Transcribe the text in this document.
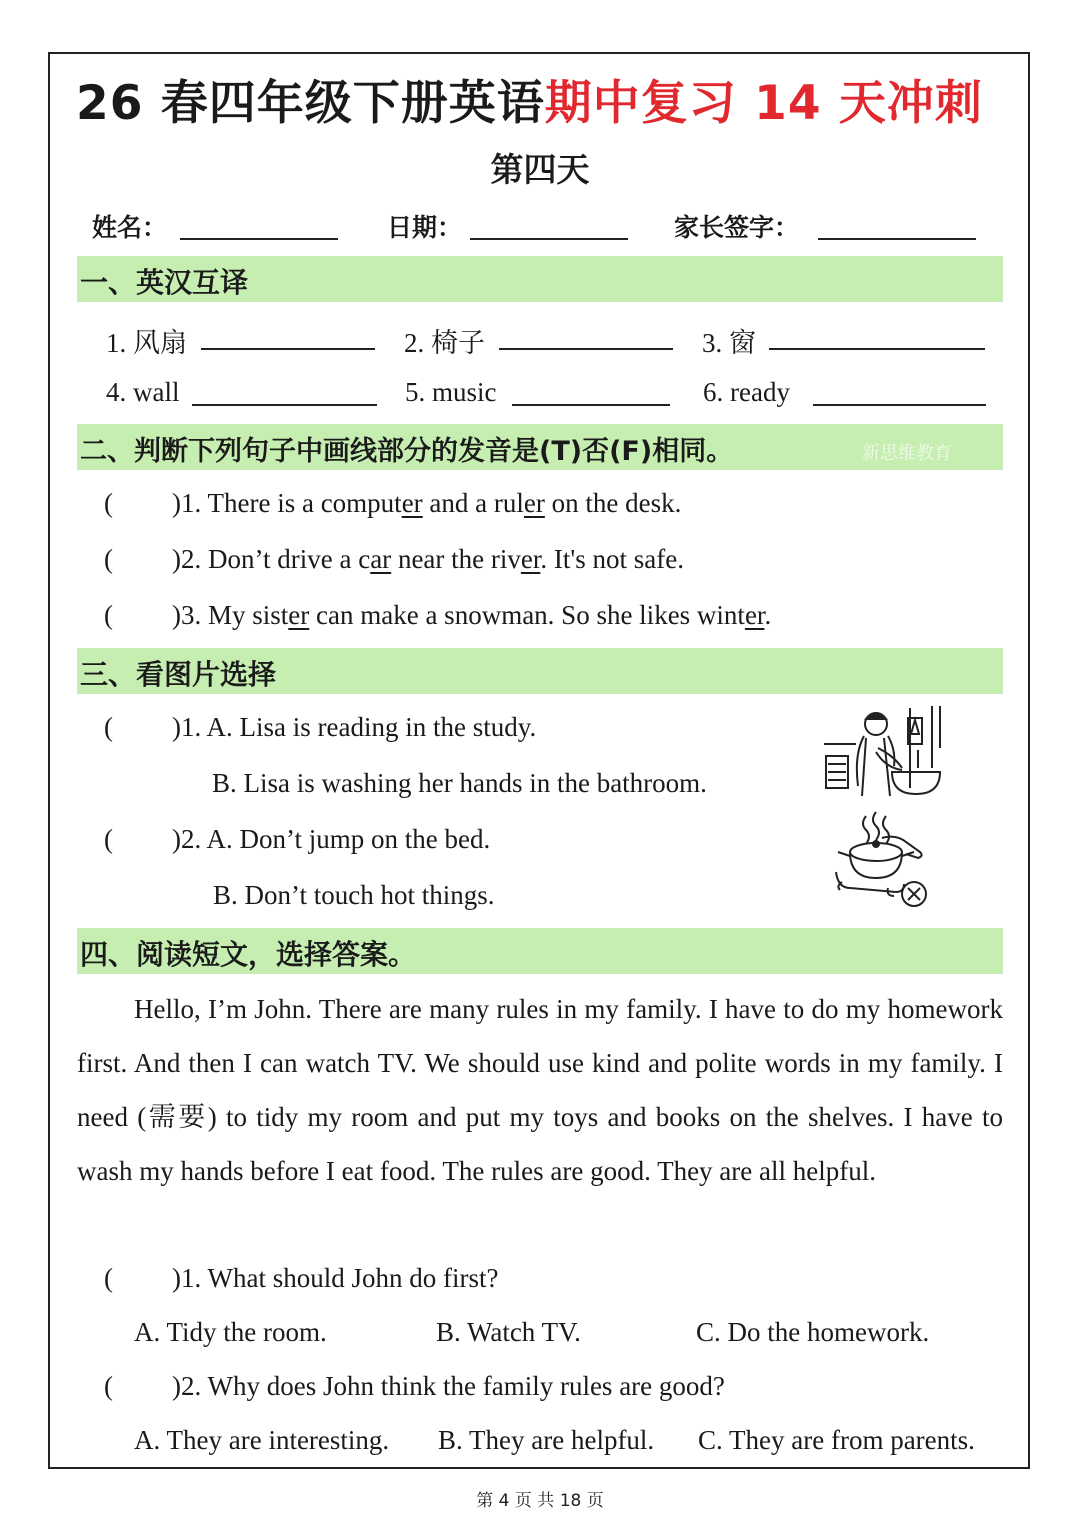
26 春四年级下册英语期中复习 14 天冲刺
第四天
姓名：	日期：	家长签字：
一、英汉互译
1. 风扇	2. 椅子	3. 窗
4. wall	5. music	6. ready
二、判断下列句子中画线部分的发音是(T)否(F)相同。	新思维教育
( )1. There is a computer and a ruler on the desk.
( )2. Don’t drive a car near the river. It's not safe.
( )3. My sister can make a snowman. So she likes winter.
三、看图片选择
( )1. A. Lisa is reading in the study.
B. Lisa is washing her hands in the bathroom.
( )2. A. Don’t jump on the bed.
B. Don’t touch hot things.
四、阅读短文，选择答案。

Hello, I’m John. There are many rules in my family. I have to do my homework first. And then I can watch TV. We should use kind and polite words in my family. I need (需要) to tidy my room and put my toys and books on the shelves. I have to wash my hands before I eat food. The rules are good. They are all helpful.

( )1. What should John do first?
A. Tidy the room.	B. Watch TV.	C. Do the homework.
( )2. Why does John think the family rules are good?
A. They are interesting. B. They are helpful. C. They are from parents.
第 4 页 共 18 页
